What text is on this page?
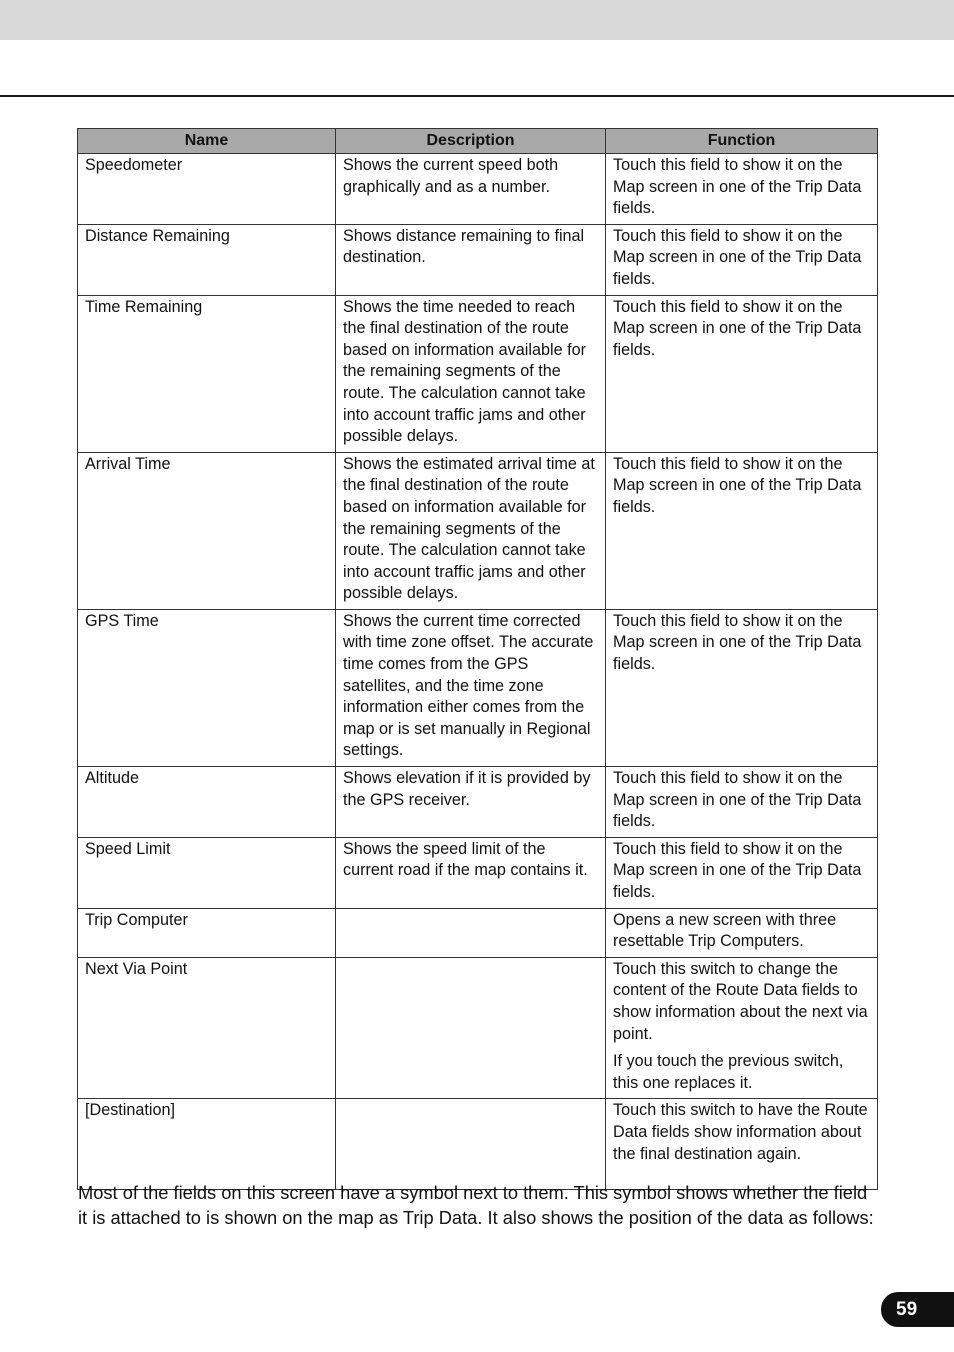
Name	Description	Function
Speedometer	Shows the current speed both graphically and as a number.	Touch this field to show it on the Map screen in one of the Trip Data fields.

Distance Remaining	Shows distance remaining to final destination.	Touch this field to show it on the Map screen in one of the Trip Data fields.

Time Remaining	Shows the time needed to reach the final destination of the route based on information available for the remaining segments of the route. The calculation cannot take into account traffic jams and other possible delays.	Touch this field to show it on the Map screen in one of the Trip Data fields.

Arrival Time	Shows the estimated arrival time at the final destination of the route based on information available for the remaining segments of the route. The calculation cannot take into account traffic jams and other possible delays.	Touch this field to show it on the Map screen in one of the Trip Data fields.

GPS Time	Shows the current time corrected with time zone offset. The accurate time comes from the GPS satellites, and the time zone information either comes from the map or is set manually in Regional settings.	Touch this field to show it on the Map screen in one of the Trip Data fields.

Altitude	Shows elevation if it is provided by the GPS receiver.	Touch this field to show it on the Map screen in one of the Trip Data fields.

Speed Limit	Shows the speed limit of the current road if the map contains it.	Touch this field to show it on the Map screen in one of the Trip Data fields.

Trip Computer		Opens a new screen with three resettable Trip Computers.

Next Via Point		Touch this switch to change the content of the Route Data fields to show information about the next via point.
If you touch the previous switch, this one replaces it.

[Destination]		Touch this switch to have the Route Data fields show information about the final destination again.

Most of the fields on this screen have a symbol next to them. This symbol shows whether the field it is attached to is shown on the map as Trip Data. It also shows the position of the data as follows:

59
